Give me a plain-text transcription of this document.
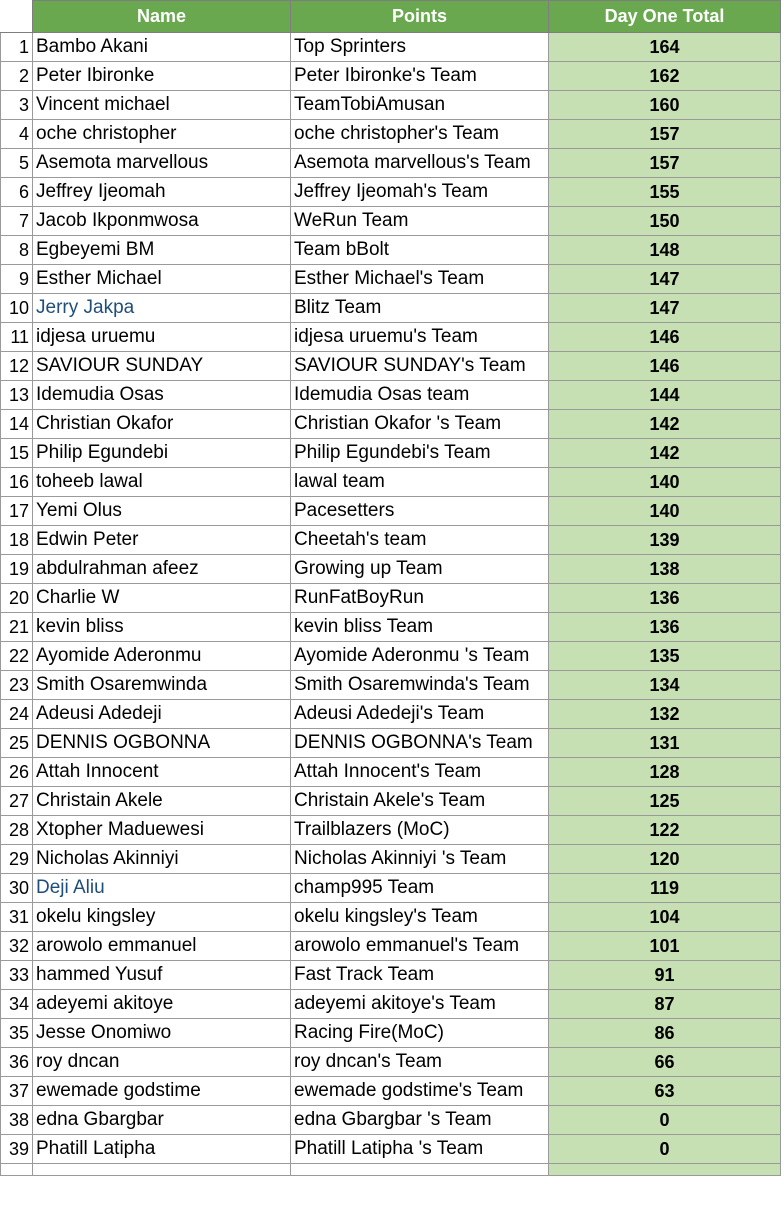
	Name	Points	Day One Total
1	Bambo Akani	Top Sprinters	164
2	Peter Ibironke	Peter Ibironke's Team	162
3	Vincent michael	TeamTobiAmusan	160
4	oche christopher	oche christopher's Team	157
5	Asemota marvellous	Asemota marvellous's Team	157
6	Jeffrey Ijeomah	Jeffrey Ijeomah's Team	155
7	Jacob Ikponmwosa	WeRun Team	150
8	Egbeyemi BM	Team bBolt	148
9	Esther Michael	Esther Michael's Team	147
10	Jerry Jakpa	Blitz Team	147
11	idjesa uruemu	idjesa uruemu's Team	146
12	SAVIOUR SUNDAY	SAVIOUR SUNDAY's Team	146
13	Idemudia Osas	Idemudia Osas team	144
14	Christian Okafor	Christian Okafor 's Team	142
15	Philip Egundebi	Philip Egundebi's Team	142
16	toheeb lawal	lawal team	140
17	Yemi Olus	Pacesetters	140
18	Edwin Peter	Cheetah's team	139
19	abdulrahman afeez	Growing up Team	138
20	Charlie W	RunFatBoyRun	136
21	kevin bliss	kevin bliss Team	136
22	Ayomide Aderonmu	Ayomide Aderonmu 's Team	135
23	Smith Osaremwinda	Smith Osaremwinda's Team	134
24	Adeusi Adedeji	Adeusi Adedeji's Team	132
25	DENNIS OGBONNA	DENNIS OGBONNA's Team	131
26	Attah Innocent	Attah Innocent's Team	128
27	Christain Akele	Christain Akele's Team	125
28	Xtopher Maduewesi	Trailblazers (MoC)	122
29	Nicholas Akinniyi	Nicholas Akinniyi 's Team	120
30	Deji Aliu	champ995 Team	119
31	okelu kingsley	okelu kingsley's Team	104
32	arowolo emmanuel	arowolo emmanuel's Team	101
33	hammed Yusuf	Fast Track Team	91
34	adeyemi akitoye	adeyemi akitoye's Team	87
35	Jesse Onomiwo	Racing Fire(MoC)	86
36	roy dncan	roy dncan's Team	66
37	ewemade godstime	ewemade godstime's Team	63
38	edna Gbargbar	edna Gbargbar 's Team	0
39	Phatill Latipha	Phatill Latipha 's Team	0
